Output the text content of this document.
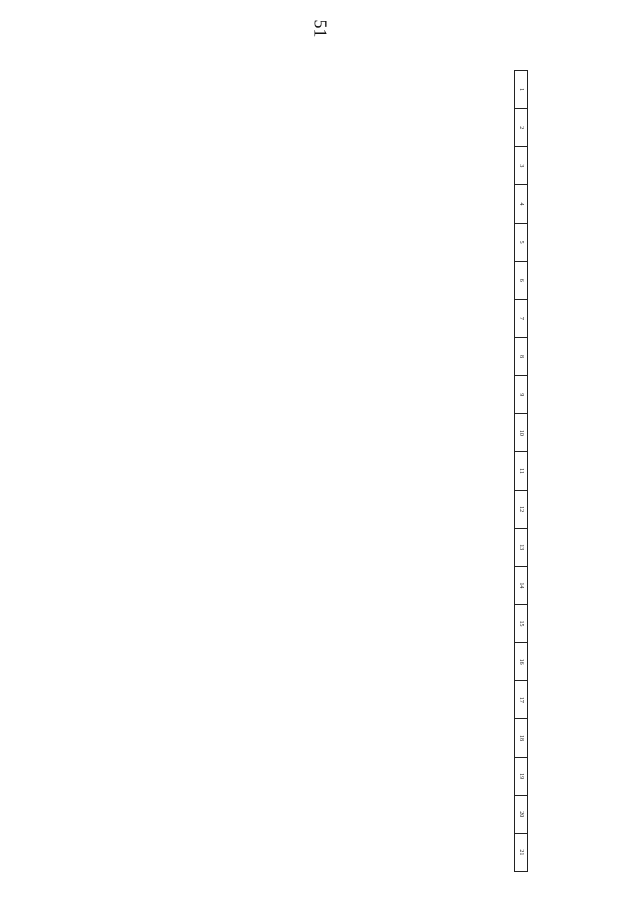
51
1	2	3	4	5	6	7	8	9	10	11	12	13	14	15	16	17	18	19	20	21
